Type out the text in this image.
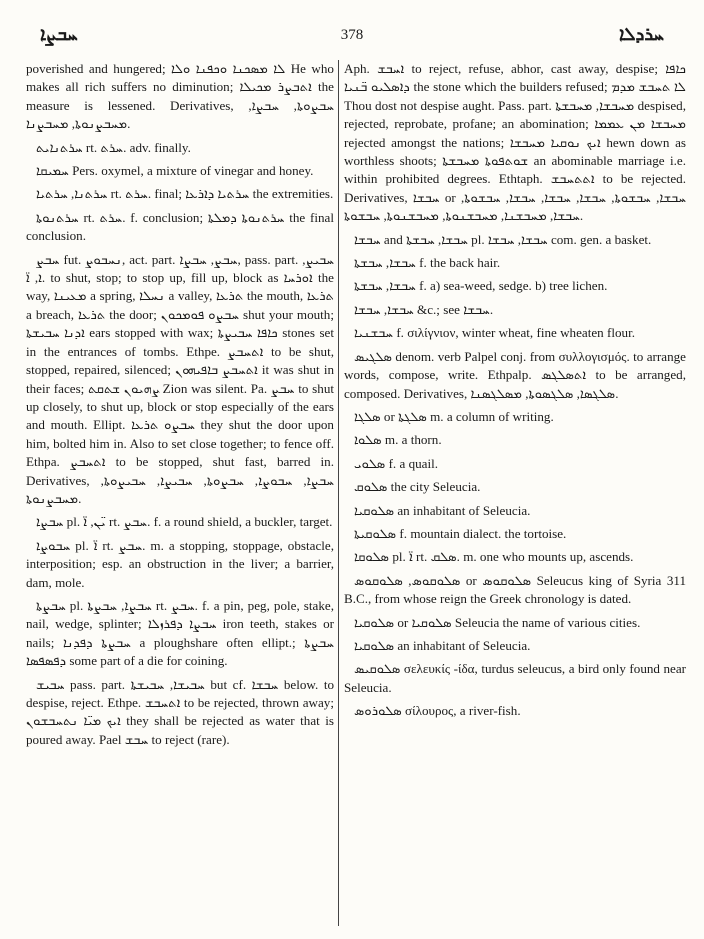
ܚܒܨܐ	378	ܚܪܕܠܐ

poverished and hungered; ܠܐ ܡܣܟܢܐ ܘܟܦܢܐ ܘܠܐ He who makes all rich suffers no diminution; ܐܬܒܨܪ ܡܟܝܠܐ the measure is lessened. Derivatives, ܚܒܨܘܬܐ, ܚܒܨܐ, ܡܚܒܨܢܘܬܐ, ܡܚܒܨܢܐ.

ܚܪܬܢܐܝܬ rt. ܚܪܬ. adv. finally.

ܚܡܝܩܐ Pers. oxymel, a mixture of vinegar and honey.

ܚܪܬܢܐ, ܚܪܬܝܐ rt. ܚܪܬ. final; ܚܪܬܝܐ ܕܐܪܥܐ the extremities.

ܚܪܬܢܘܬܐ rt. ܚܪܬ. f. conclusion; ܚܪܬܢܘܬܐ ܕܡܠܬܐ the final conclusion.

ܚܒܨ fut. ܢܚܒܘܨ, act. part. ܚܒܨ, ܚܒܨܐ, pass. part. ܚܒܝܨ, ܐ, ܐ̈. to shut, stop; to stop up, fill up, block as ܐܘܪܚܐ the way, ܡܥܝܢܐ a spring, ܢܚܠܐ a valley, ܬܪܥܐ the mouth, ܬܪܥܐ a breach, ܬܪܥܐ the door; ܚܒܨܘ ܦܘܡܟܘܢ shut your mouth; ܐܕܢܐ ܚܒܝܫܬܐ ears stopped with wax; ܟܐܦܐ ܚܒܝܨܬܐ stones set in the entrances of tombs. Ethpe. ܐܬܚܒܨ to be shut, stopped, repaired, silenced; ܐܬܚܒܨ ܒܐܦܝܗܘܢ it was shut in their faces; ܨܗܝܘܢ ܫܬܩܬ Zion was silent. Pa. ܚܒܨ to shut up closely, to shut up, block or stop especially of the ears and mouth. Ellipt. ܚܒܨܘ ܬܪܥܐ they shut the door upon him, bolted him in. Also to set close together; to fence off. Ethpa. ܐܬܚܒܨ to be stopped, shut fast, barred in. Derivatives, ܚܒܨܐ, ܚܒܘܨܐ, ܚܒܨܘܬܐ, ܚܒܝܨܐ, ܚܒܝܨܘܬܐ, ܡܚܒܨܢܘܬܐ.

ܚܒܨܐ pl. ܝ̈ܢ, ܐ̈ rt. ܚܒܨ. f. a round shield, a buckler, target.

ܚܒܘܨܐ pl. ܐ̈ rt. ܚܒܨ. m. a stopping, stoppage, obstacle, interposition; esp. an obstruction in the liver; a barrier, dam, mole.

ܚܒܨܬܐ pl. ܚܒܨܐ, ܚܒܨܬܐ rt. ܚܒܨ. f. a pin, peg, pole, stake, nail, wedge, splinter; ܚܒܨܐ ܕܦܪܙܠܐ iron teeth, stakes or nails; ܚܒܨܬܐ ܕܦܕܢܐ a ploughshare often ellipt.; ܚܒܨܬܐ ܕܦܣܦܣܐ some part of a die for coining.

ܚܒܝܫ pass. part. ܚܒܝܫܐ, ܚܒܝܫܬܐ but cf. ܚܒܫܐ below. to despise, reject. Ethpe. ܐܬܚܒܫ to be rejected, thrown away; ܐܝܟ ܡܝ̈ܐ ܢܬܚܒܫܘܢ they shall be rejected as water that is poured away. Pael ܚܒܫ to reject (rare).

Aph. ܐܚܒܫ to reject, refuse, abhor, cast away, despise; ܟܐܦܐ ܕܐܣܠܝܘ ܒ̈ܢܝܐ the stone which the builders refused; ܠܐ ܬܚܒܫ ܡܕܡ Thou dost not despise aught. Pass. part. ܡܚܒܫܐ, ܡܚܒܫܬܐ despised, rejected, reprobate, profane; an abomination; ܡܚܒܫܐ ܡܢ ܥܡܡܐ rejected amongst the nations; ܐܝܟ ܢܘܩܝܐ ܡܚܒܫܐ hewn down as worthless shoots; ܫܘܬܦܘܬܐ ܡܚܒܫܬܐ an abominable marriage i.e. within prohibited degrees. Ethtaph. ܐܬܬܚܒܫ to be rejected. Derivatives, ܚܒܫܐ or ܚܒܫܐ, ܚܒܫܘܬܐ, ܚܒܫܐ, ܚܒܫܐ, ܚܒܫܐ, ܚܒܫܘܬܐ, ܚܒܫܐ, ܡܚܒܫܢܐ, ܡܚܒܫܢܘܬܐ, ܡܚܒܫܢܘܬܐ, ܚܒܫܘܬܐ.

ܚܒܫܐ and ܚܒܫܐ, ܚܒܫܬܐ pl. ܚܒܫܐ, ܚܒܫܐ com. gen. a basket.

ܚܒܫܐ, ܚܒܫܬܐ f. the back hair.

ܚܒܫܐ, ܚܒܫܬܐ f. a) sea-weed, sedge. b) tree lichen.

ܚܒܫܐ, ܚܒܫܐ &c.; see ܚܒܫܐ.

ܚܒܫܢܝܐ f. σιλίγνιον, winter wheat, fine wheaten flour.

ܣܠܓܝܣ denom. verb Palpel conj. from συλλογισμός. to arrange words, compose, write. Ethpalp. ܐܬܣܠܓܣ to be arranged, composed. Derivatives, ܣܠܓܣܐ, ܣܠܓܣܘܬܐ, ܡܣܠܓܣܢܐ.

ܣܠܓܐ or ܣܠܓܬܐ m. a column of writing.

ܣܠܘܐ m. a thorn.

ܣܠܘܝ f. a quail.

ܣܠܘܩ the city Seleucia.

ܣܠܘܩܝܐ an inhabitant of Seleucia.

ܣܠܘܩܝܬܐ f. mountain dialect. the tortoise.

ܣܠܘܩܐ pl. ܐ̈ rt. ܣܠܩ. m. one who mounts up, ascends.

ܣܠܘܩܘܣ, ܣܠܘܩܘܣ or ܣܠܘܩܘܣ Seleucus king of Syria 311 B.C., from whose reign the Greek chronology is dated.

ܣܠܘܩܝܐ or ܣܠܘܩܝܐ Seleucia the name of various cities.

ܣܠܘܩܝܐ an inhabitant of Seleucia.

ܣܠܘܩܝܣ σελευκίς -ίδα, turdus seleucus, a bird only found near Seleucia.

ܣܠܘܪܘܣ σίλουρος, a river-fish.
